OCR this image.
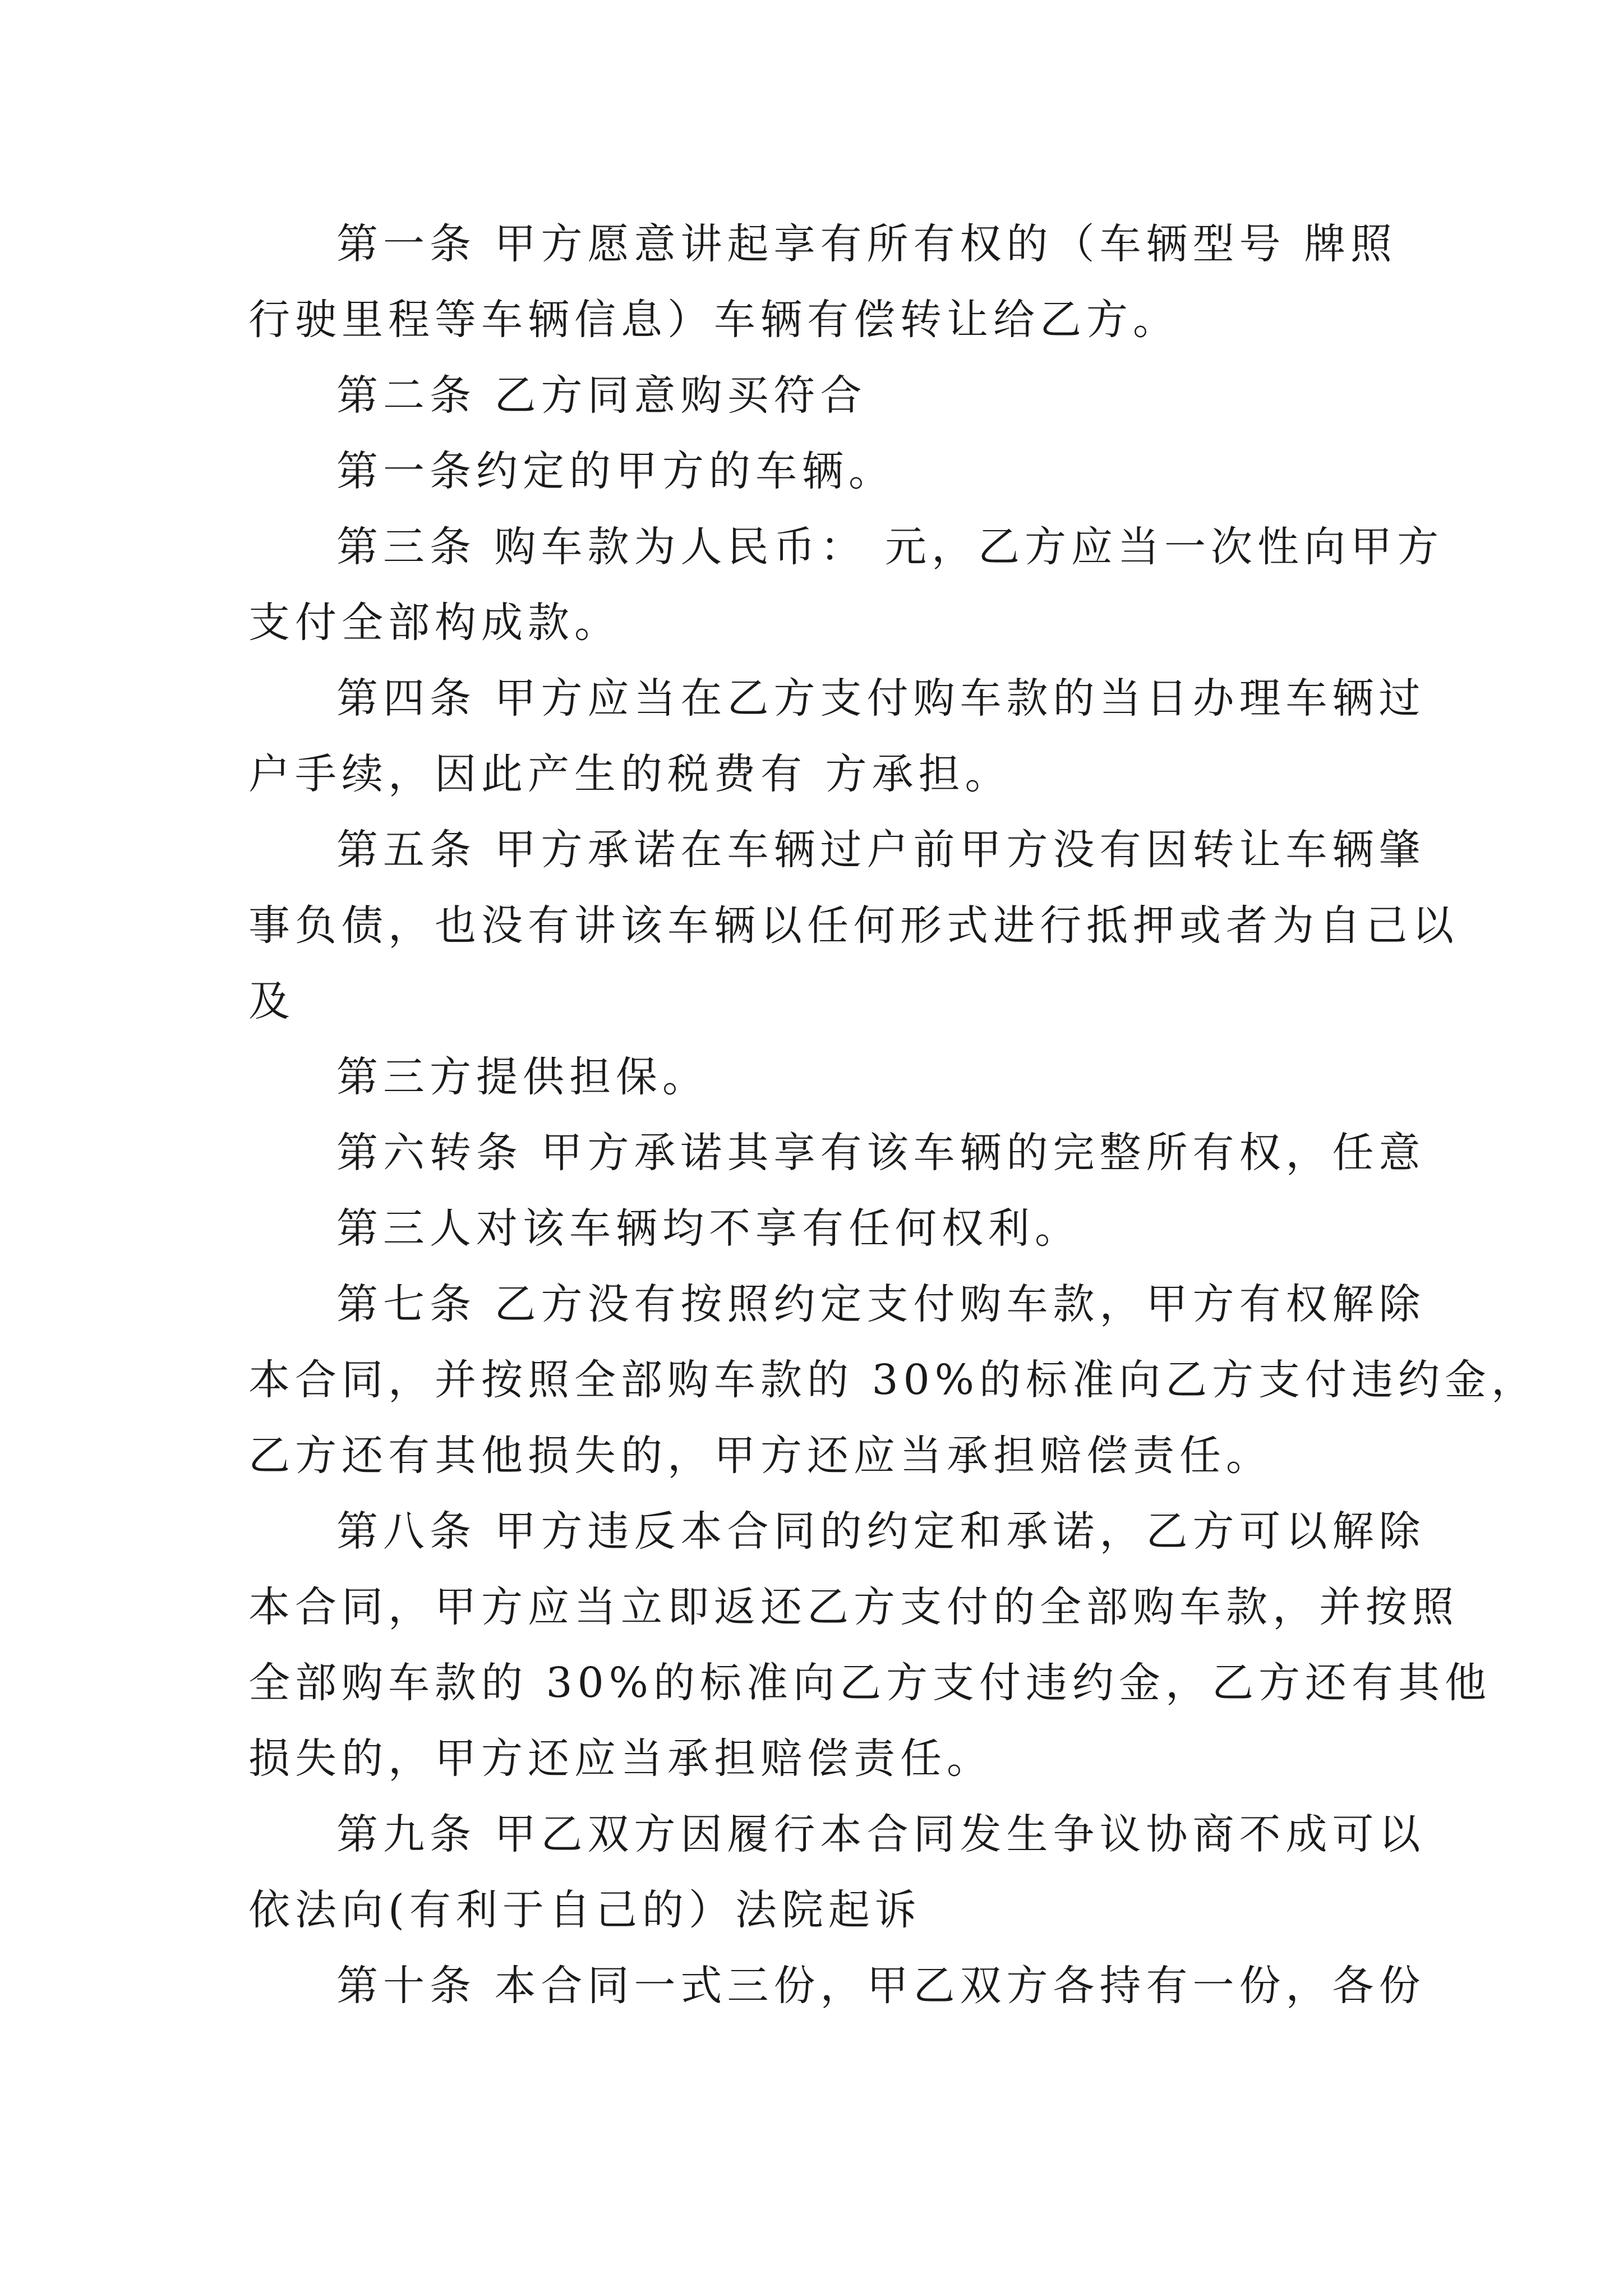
第一条 甲方愿意讲起享有所有权的（车辆型号 牌照
行驶里程等车辆信息）车辆有偿转让给乙方。
第二条 乙方同意购买符合
第一条约定的甲方的车辆。
第三条 购车款为人民币： 元，乙方应当一次性向甲方
支付全部构成款。
第四条 甲方应当在乙方支付购车款的当日办理车辆过
户手续，因此产生的税费有 方承担。
第五条 甲方承诺在车辆过户前甲方没有因转让车辆肇
事负债，也没有讲该车辆以任何形式进行抵押或者为自己以
及
第三方提供担保。
第六转条 甲方承诺其享有该车辆的完整所有权，任意
第三人对该车辆均不享有任何权利。
第七条 乙方没有按照约定支付购车款，甲方有权解除
本合同，并按照全部购车款的 30%的标准向乙方支付违约金，
乙方还有其他损失的，甲方还应当承担赔偿责任。
第八条 甲方违反本合同的约定和承诺，乙方可以解除
本合同，甲方应当立即返还乙方支付的全部购车款，并按照
全部购车款的 30%的标准向乙方支付违约金，乙方还有其他
损失的，甲方还应当承担赔偿责任。
第九条 甲乙双方因履行本合同发生争议协商不成可以
依法向(有利于自己的）法院起诉
第十条 本合同一式三份，甲乙双方各持有一份，各份
